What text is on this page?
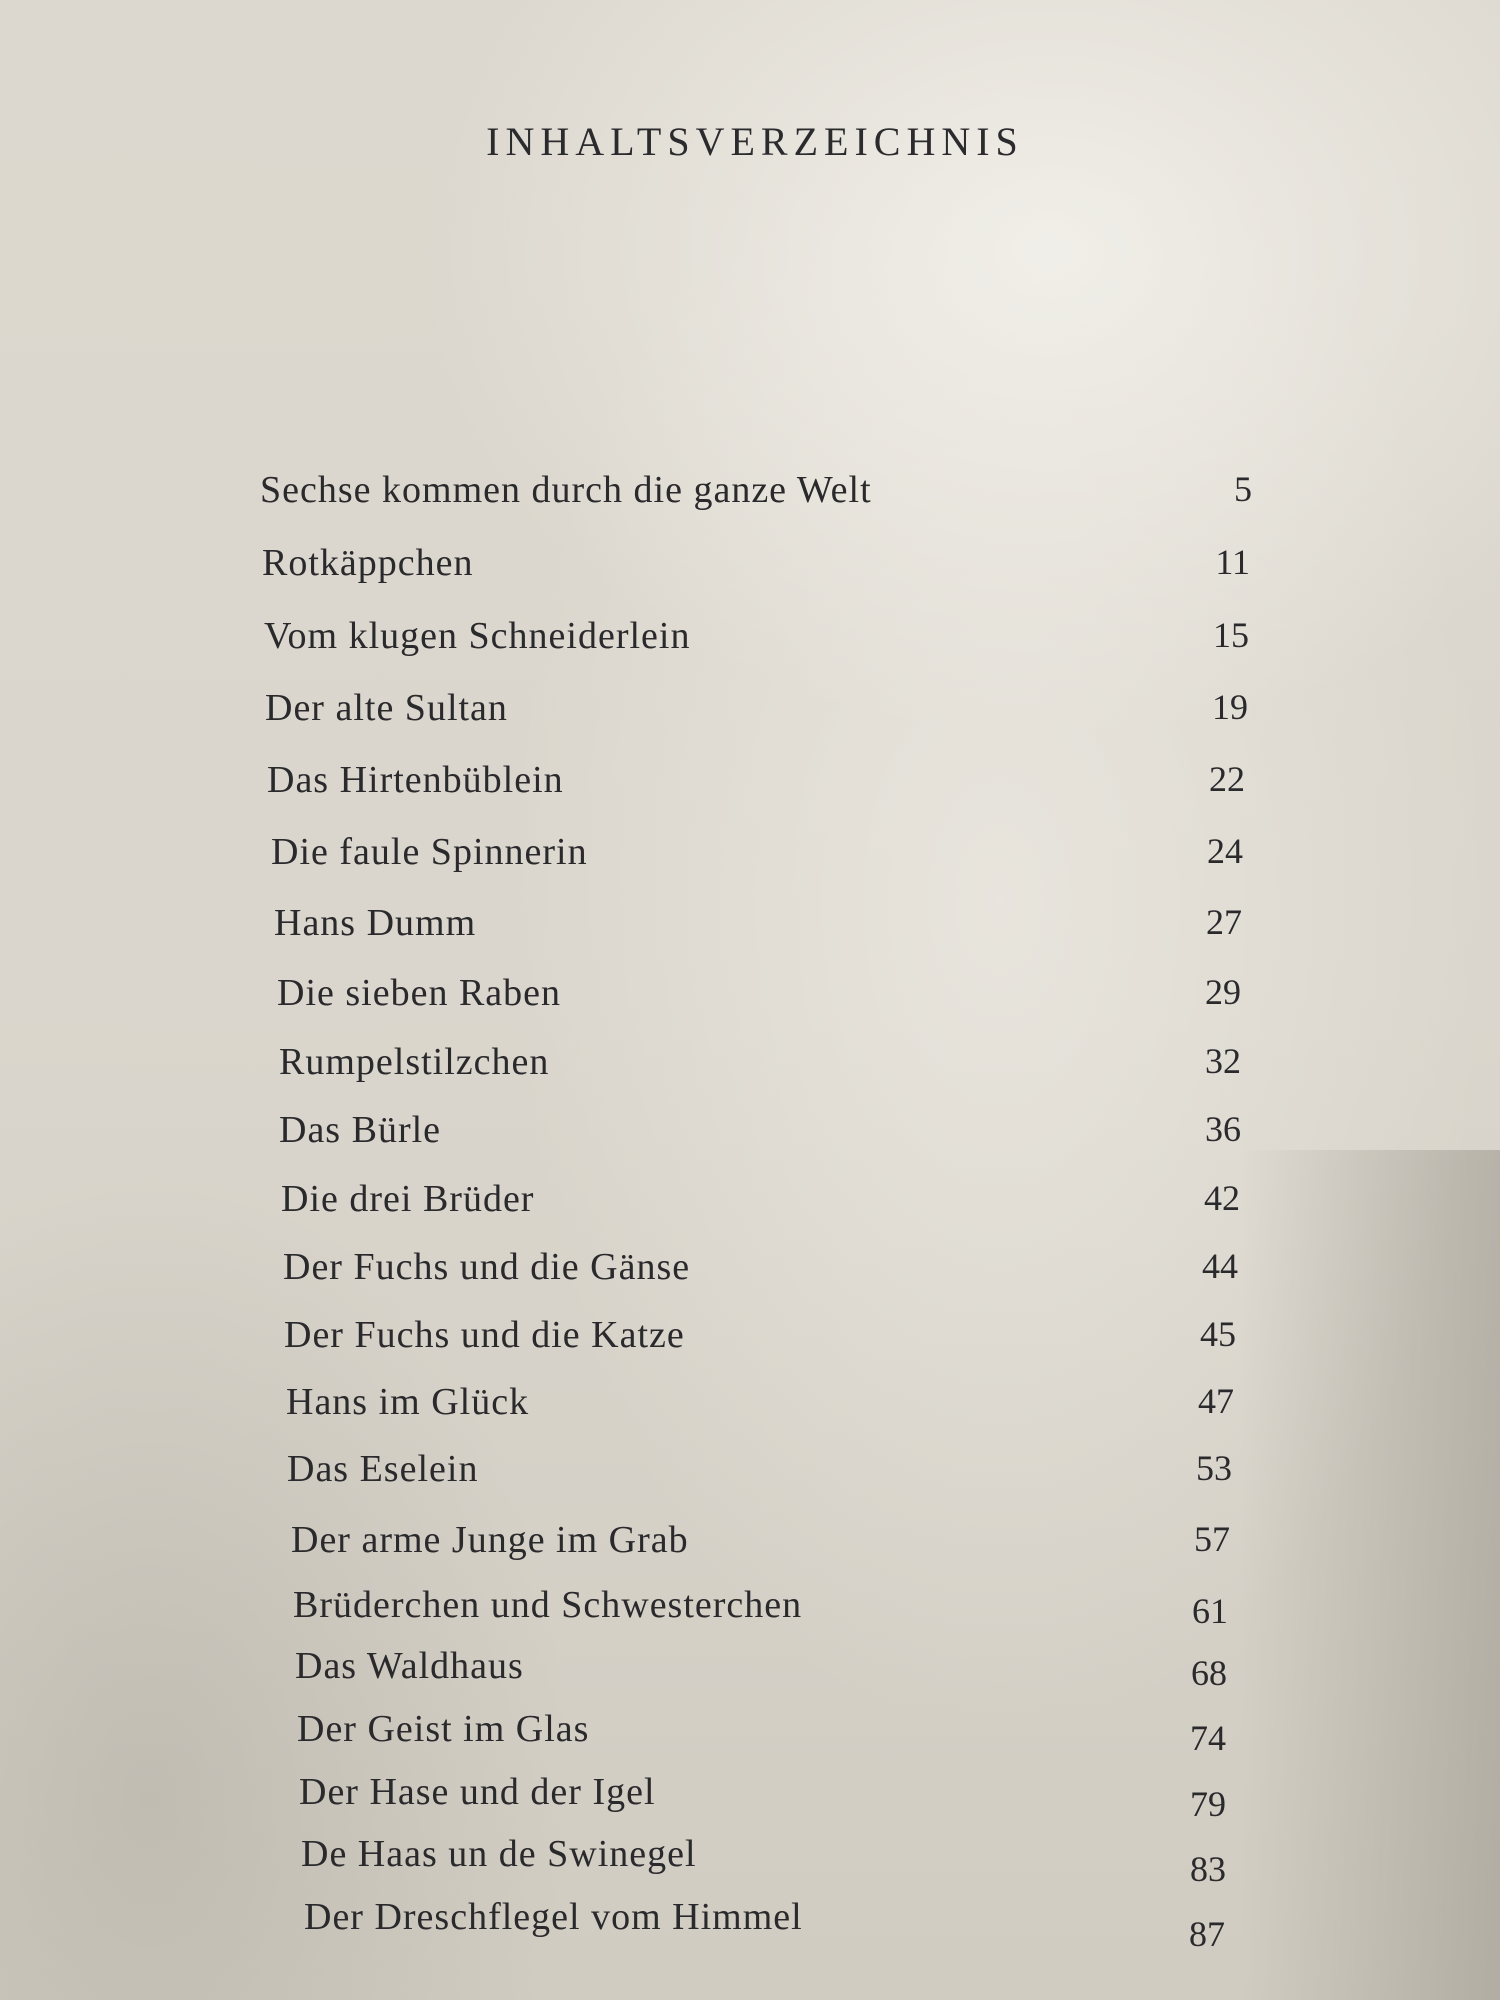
INHALTSVERZEICHNIS
Sechse kommen durch die ganze Welt	5
Rotkäppchen	11
Vom klugen Schneiderlein	15
Der alte Sultan	19
Das Hirtenbüblein	22
Die faule Spinnerin	24
Hans Dumm	27
Die sieben Raben	29
Rumpelstilzchen	32
Das Bürle	36
Die drei Brüder	42
Der Fuchs und die Gänse	44
Der Fuchs und die Katze	45
Hans im Glück	47
Das Eselein	53
Der arme Junge im Grab	57
Brüderchen und Schwesterchen	61
Das Waldhaus	68
Der Geist im Glas	74
Der Hase und der Igel	79
De Haas un de Swinegel	83
Der Dreschflegel vom Himmel	87
